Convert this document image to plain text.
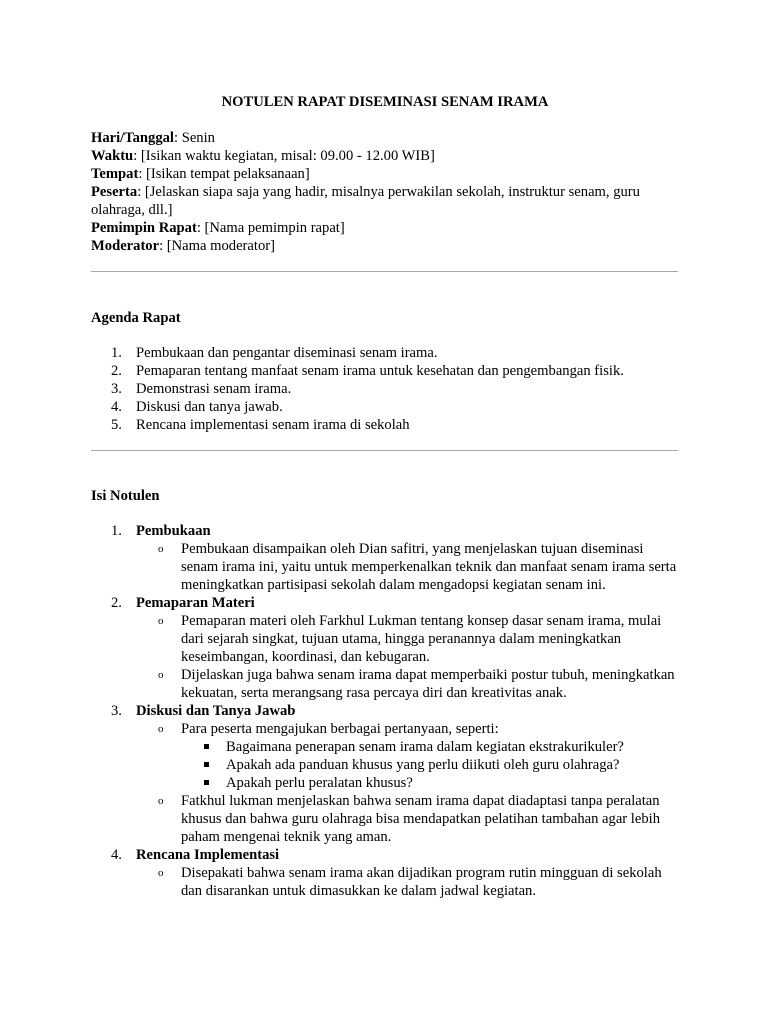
NOTULEN RAPAT DISEMINASI SENAM IRAMA

Hari/Tanggal: Senin

Waktu: [Isikan waktu kegiatan, misal: 09.00 - 12.00 WIB]

Tempat: [Isikan tempat pelaksanaan]

Peserta: [Jelaskan siapa saja yang hadir, misalnya perwakilan sekolah, instruktur senam, guru olahraga, dll.]

Pemimpin Rapat: [Nama pemimpin rapat]

Moderator: [Nama moderator]

Agenda Rapat

1. Pembukaan dan pengantar diseminasi senam irama.
2. Pemaparan tentang manfaat senam irama untuk kesehatan dan pengembangan fisik.
3. Demonstrasi senam irama.
4. Diskusi dan tanya jawab.
5. Rencana implementasi senam irama di sekolah

Isi Notulen

1. Pembukaan
o Pembukaan disampaikan oleh Dian safitri, yang menjelaskan tujuan diseminasi senam irama ini, yaitu untuk memperkenalkan teknik dan manfaat senam irama serta meningkatkan partisipasi sekolah dalam mengadopsi kegiatan senam ini.
2. Pemaparan Materi
o Pemaparan materi oleh Farkhul Lukman tentang konsep dasar senam irama, mulai dari sejarah singkat, tujuan utama, hingga peranannya dalam meningkatkan keseimbangan, koordinasi, dan kebugaran.
o Dijelaskan juga bahwa senam irama dapat memperbaiki postur tubuh, meningkatkan kekuatan, serta merangsang rasa percaya diri dan kreativitas anak.
3. Diskusi dan Tanya Jawab
o Para peserta mengajukan berbagai pertanyaan, seperti:
Bagaimana penerapan senam irama dalam kegiatan ekstrakurikuler?
Apakah ada panduan khusus yang perlu diikuti oleh guru olahraga?
Apakah perlu peralatan khusus?
o Fatkhul lukman menjelaskan bahwa senam irama dapat diadaptasi tanpa peralatan khusus dan bahwa guru olahraga bisa mendapatkan pelatihan tambahan agar lebih paham mengenai teknik yang aman.
4. Rencana Implementasi
o Disepakati bahwa senam irama akan dijadikan program rutin mingguan di sekolah dan disarankan untuk dimasukkan ke dalam jadwal kegiatan.
